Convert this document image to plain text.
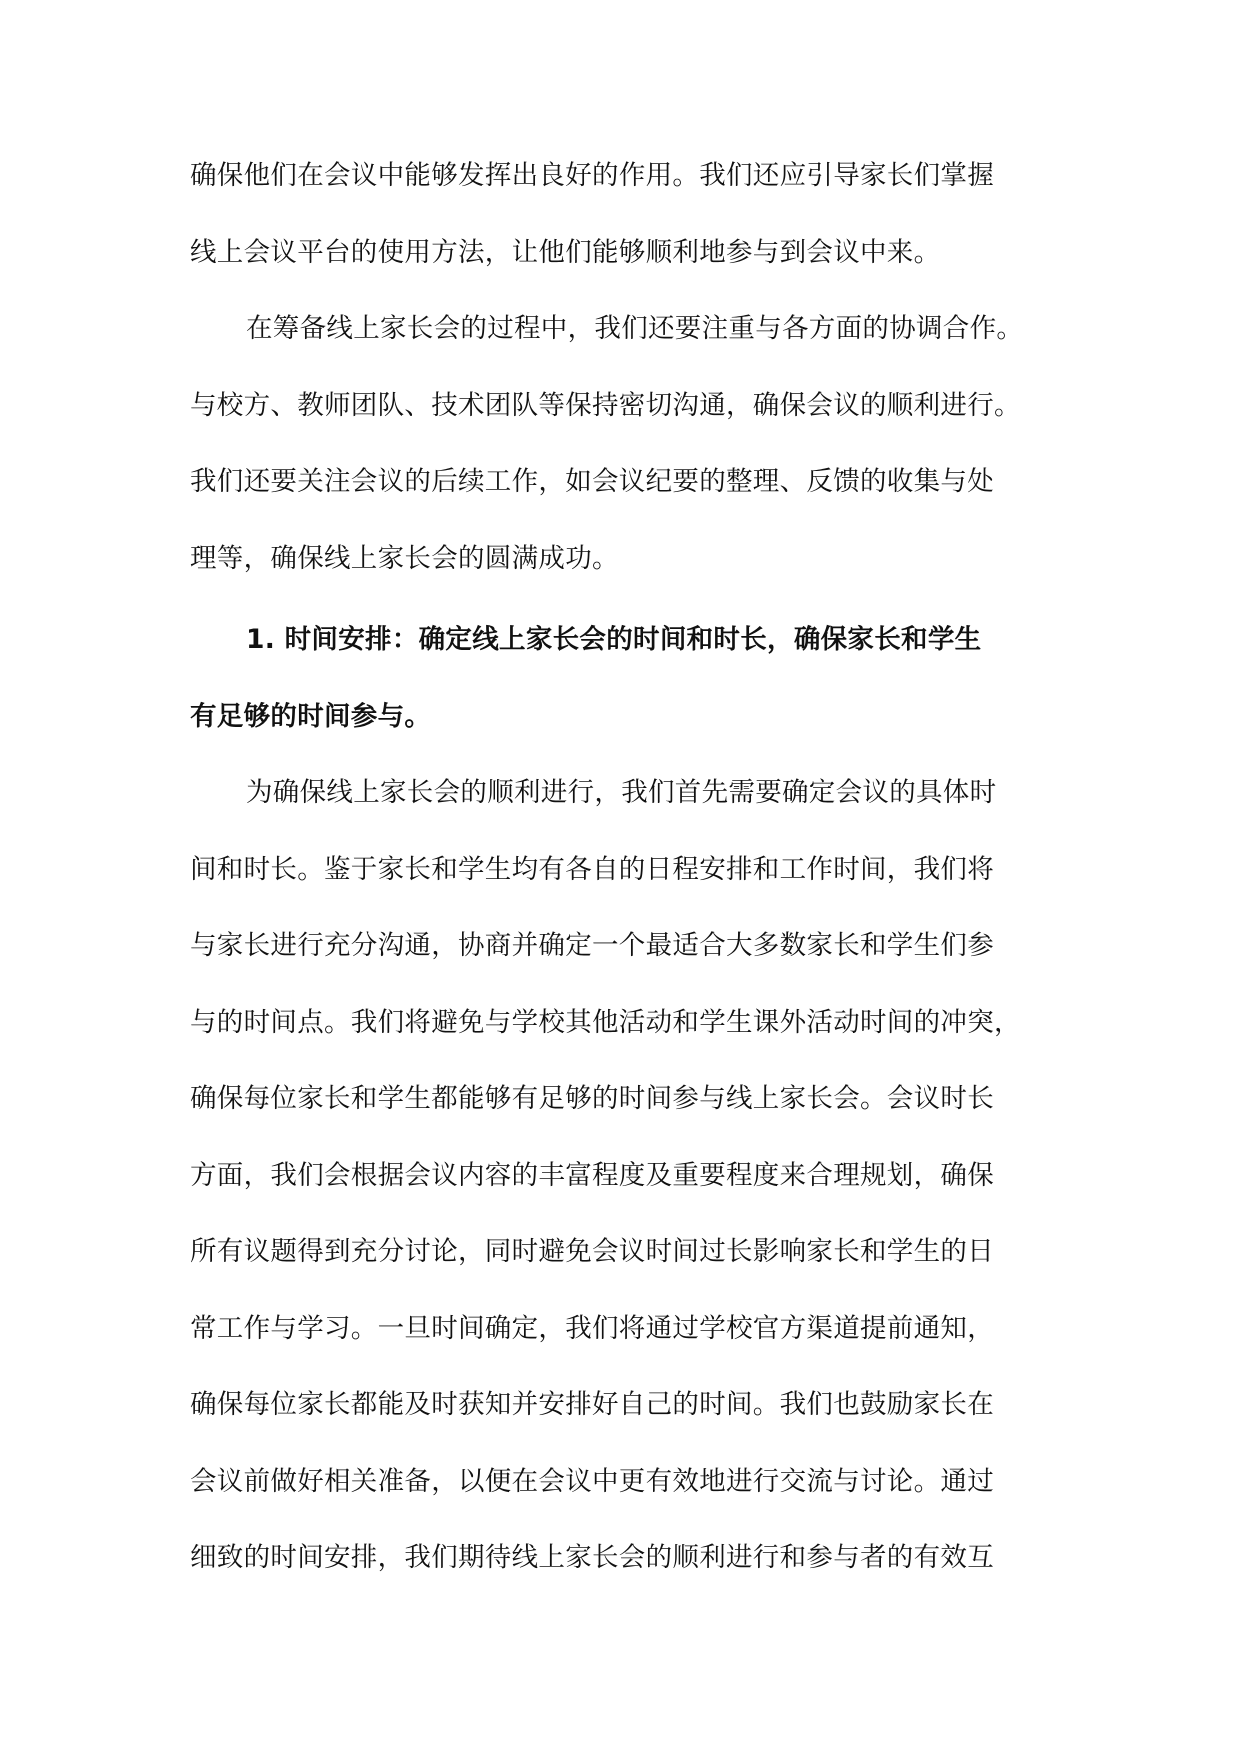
确保他们在会议中能够发挥出良好的作用。我们还应引导家长们掌握
线上会议平台的使用方法，让他们能够顺利地参与到会议中来。
在筹备线上家长会的过程中，我们还要注重与各方面的协调合作。
与校方、教师团队、技术团队等保持密切沟通，确保会议的顺利进行。
我们还要关注会议的后续工作，如会议纪要的整理、反馈的收集与处
理等，确保线上家长会的圆满成功。
1. 时间安排：确定线上家长会的时间和时长，确保家长和学生
有足够的时间参与。
为确保线上家长会的顺利进行，我们首先需要确定会议的具体时
间和时长。鉴于家长和学生均有各自的日程安排和工作时间，我们将
与家长进行充分沟通，协商并确定一个最适合大多数家长和学生们参
与的时间点。我们将避免与学校其他活动和学生课外活动时间的冲突，
确保每位家长和学生都能够有足够的时间参与线上家长会。会议时长
方面，我们会根据会议内容的丰富程度及重要程度来合理规划，确保
所有议题得到充分讨论，同时避免会议时间过长影响家长和学生的日
常工作与学习。一旦时间确定，我们将通过学校官方渠道提前通知，
确保每位家长都能及时获知并安排好自己的时间。我们也鼓励家长在
会议前做好相关准备，以便在会议中更有效地进行交流与讨论。通过
细致的时间安排，我们期待线上家长会的顺利进行和参与者的有效互
